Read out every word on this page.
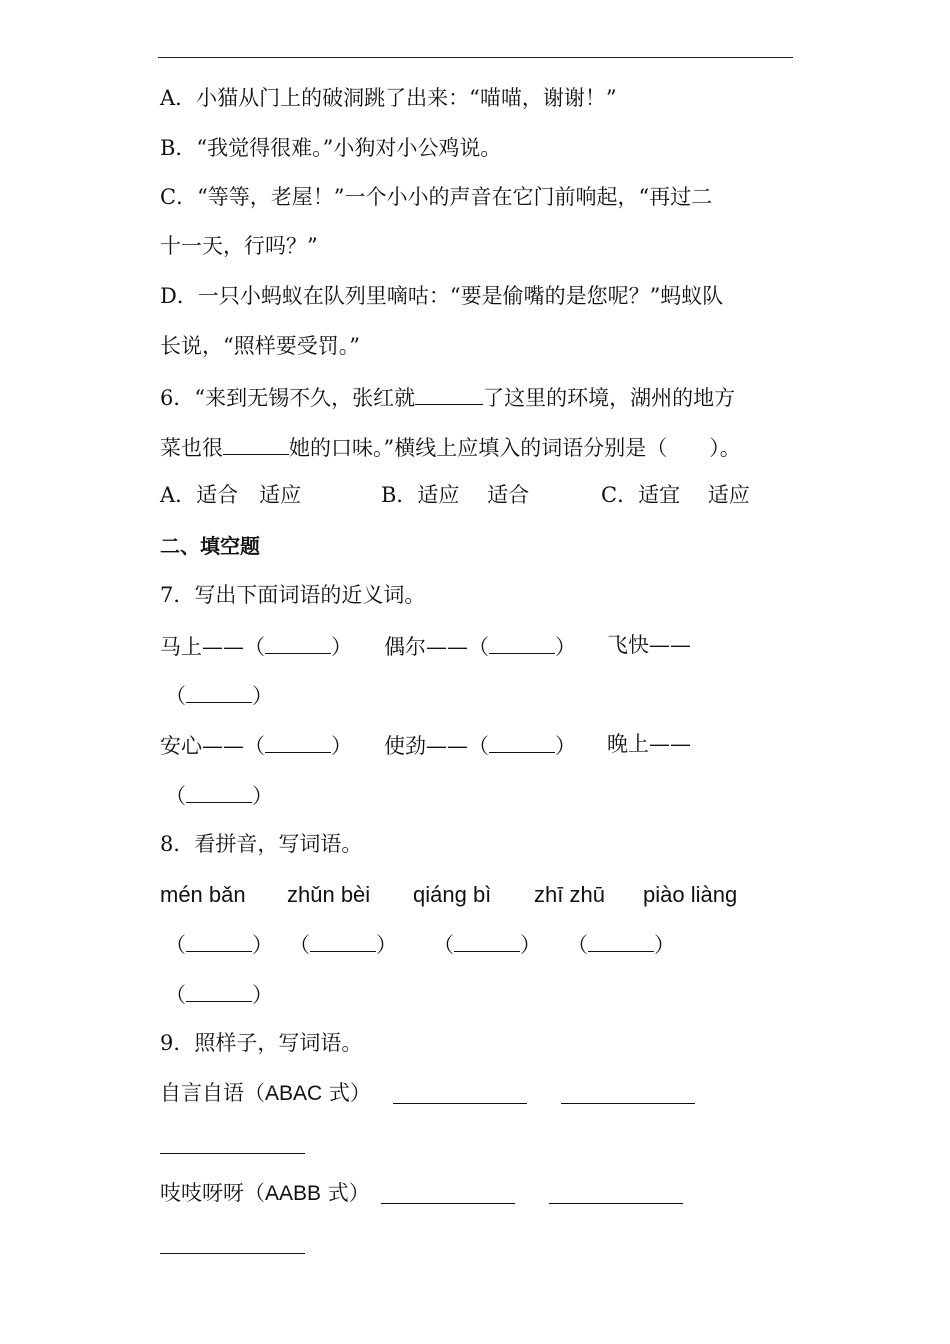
A．小猫从门上的破洞跳了出来：“喵喵，谢谢！”
B．“我觉得很难。”小狗对小公鸡说。
C．“等等，老屋！”一个小小的声音在它门前响起，“再过二
十一天，行吗？”
D．一只小蚂蚁在队列里嘀咕：“要是偷嘴的是您呢？”蚂蚁队
长说，“照样要受罚。”
6．“来到无锡不久，张红就	了这里的环境，湖州的地方
菜也很	她的口味。”横线上应填入的词语分别是（　　）。
A．适合　适应	B．适应　 适合	C．适宜　 适应
二、填空题
7．写出下面词语的近义词。
马上——（	） 偶尔——（	） 飞快——
（	）
安心——（	） 使劲——（	） 晚上——
（	）
8．看拼音，写词语。
mén bǎn zhǔn bèi qiáng bì zhī zhū piào liàng
（	） （	） （	） （	）
（	）
9．照样子，写词语。
自言自语（ABAC 式）
吱吱呀呀（AABB 式）
